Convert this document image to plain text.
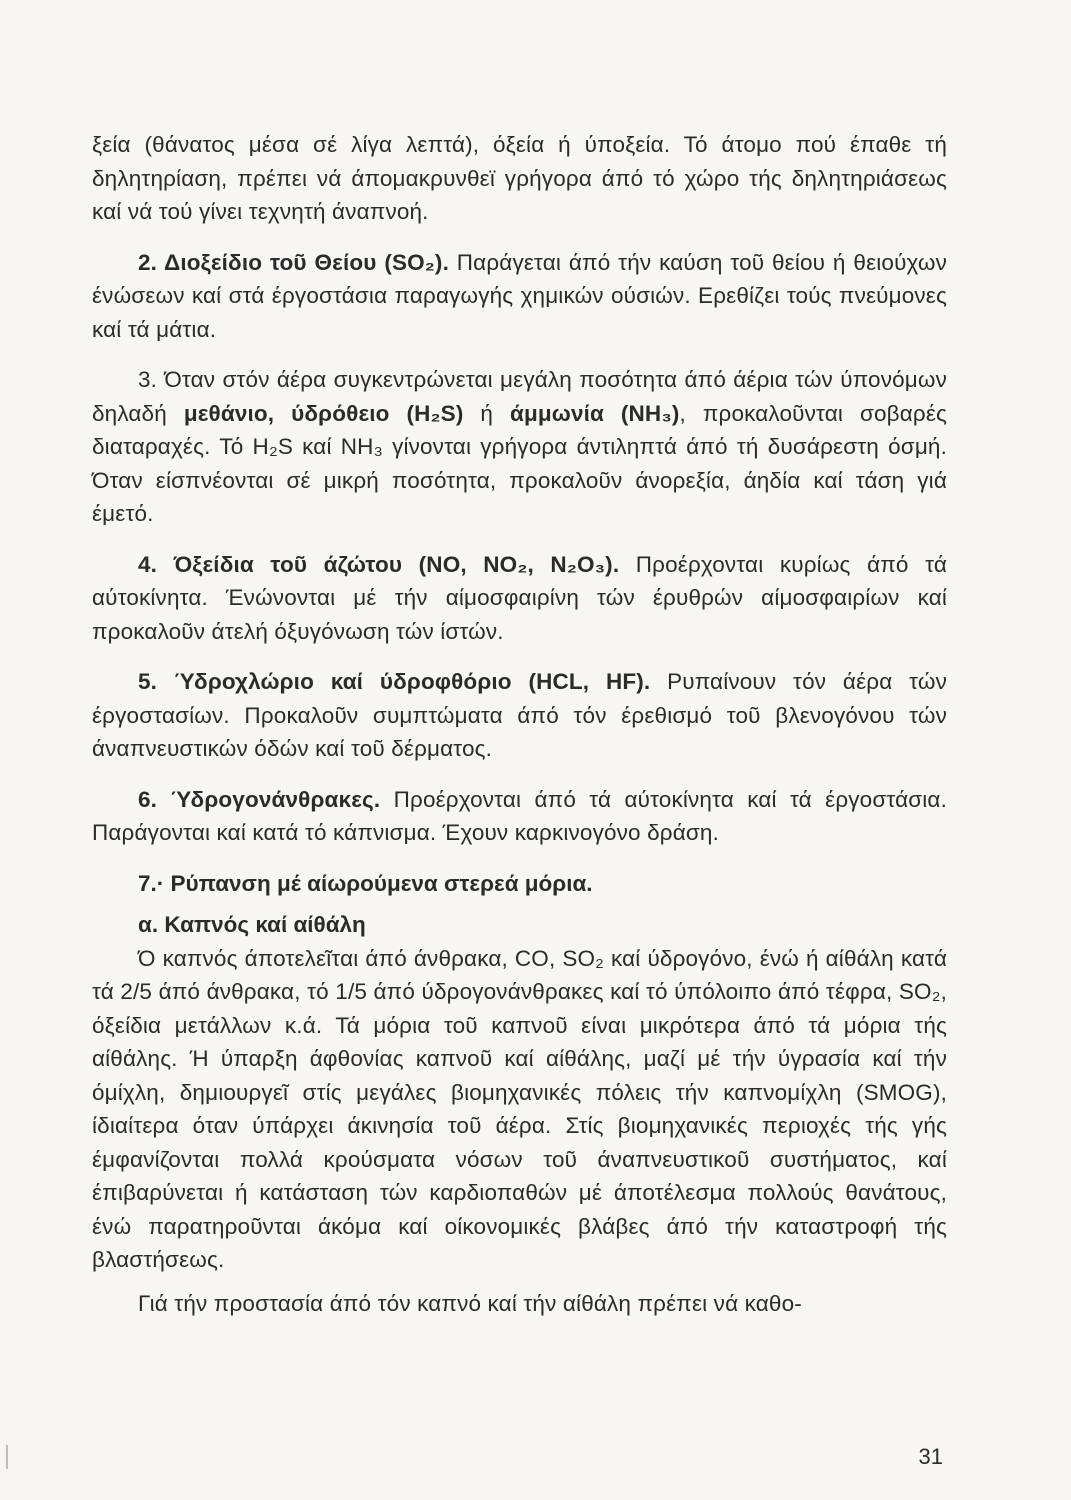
ξεία (θάνατος μέσα σέ λίγα λεπτά), όξεία ή ύποξεία. Τό άτομο πού έπαθε τή δηλητηρίαση, πρέπει νά άπομακρυνθεϊ γρήγορα άπό τό χώρο τής δηλητηριάσεως καί νά τού γίνει τεχνητή άναπνοή.

2. Διοξείδιο τοῦ Θείου (SO₂). Παράγεται άπό τήν καύση τοῦ θείου ή θειούχων ένώσεων καί στά έργοστάσια παραγωγής χημικών ούσιών. Ερεθίζει τούς πνεύμονες καί τά μάτια.

3. Όταν στόν άέρα συγκεντρώνεται μεγάλη ποσότητα άπό άέρια τών ύπονόμων δηλαδή μεθάνιο, ύδρόθειο (H₂S) ή άμμωνία (NH₃), προκαλοῦνται σοβαρές διαταραχές. Τό H₂S καί NH₃ γίνονται γρήγορα άντιληπτά άπό τή δυσάρεστη όσμή. Όταν είσπνέονται σέ μικρή ποσότητα, προκαλοῦν άνορεξία, άηδία καί τάση γιά έμετό.

4. Όξείδια τοῦ άζώτου (NO, NO₂, N₂O₃). Προέρχονται κυρίως άπό τά αύτοκίνητα. Ένώνονται μέ τήν αίμοσφαιρίνη τών έρυθρών αίμοσφαιρίων καί προκαλοῦν άτελή όξυγόνωση τών ίστών.

5. Ύδροχλώριο καί ύδροφθόριο (HCL, HF). Ρυπαίνουν τόν άέρα τών έργοστασίων. Προκαλοῦν συμπτώματα άπό τόν έρεθισμό τοῦ βλενογόνου τών άναπνευστικών όδών καί τοῦ δέρματος.

6. Ύδρογονάνθρακες. Προέρχονται άπό τά αύτοκίνητα καί τά έργοστάσια. Παράγονται καί κατά τό κάπνισμα. Έχουν καρκινογόνο δράση.

7.· Ρύπανση μέ αίωρούμενα στερεά μόρια.

α. Καπνός καί αίθάλη

Ό καπνός άποτελεῖται άπό άνθρακα, CO, SO₂ καί ύδρογόνο, ένώ ή αίθάλη κατά τά 2/5 άπό άνθρακα, τό 1/5 άπό ύδρογονάνθρακες καί τό ύπόλοιπο άπό τέφρα, SO₂, όξείδια μετάλλων κ.ά. Τά μόρια τοῦ καπνοῦ είναι μικρότερα άπό τά μόρια τής αίθάλης. Ή ύπαρξη άφθονίας καπνοῦ καί αίθάλης, μαζί μέ τήν ύγρασία καί τήν όμίχλη, δημιουργεῖ στίς μεγάλες βιομηχανικές πόλεις τήν καπνομίχλη (SMOG), ίδιαίτερα όταν ύπάρχει άκινησία τοῦ άέρα. Στίς βιομηχανικές περιοχές τής γής έμφανίζονται πολλά κρούσματα νόσων τοῦ άναπνευστικοῦ συστήματος, καί έπιβαρύνεται ή κατάσταση τών καρδιοπαθών μέ άποτέλεσμα πολλούς θανάτους, ένώ παρατηροῦνται άκόμα καί οίκονομικές βλάβες άπό τήν καταστροφή τής βλαστήσεως.

Γιά τήν προστασία άπό τόν καπνό καί τήν αίθάλη πρέπει νά καθο-

31
